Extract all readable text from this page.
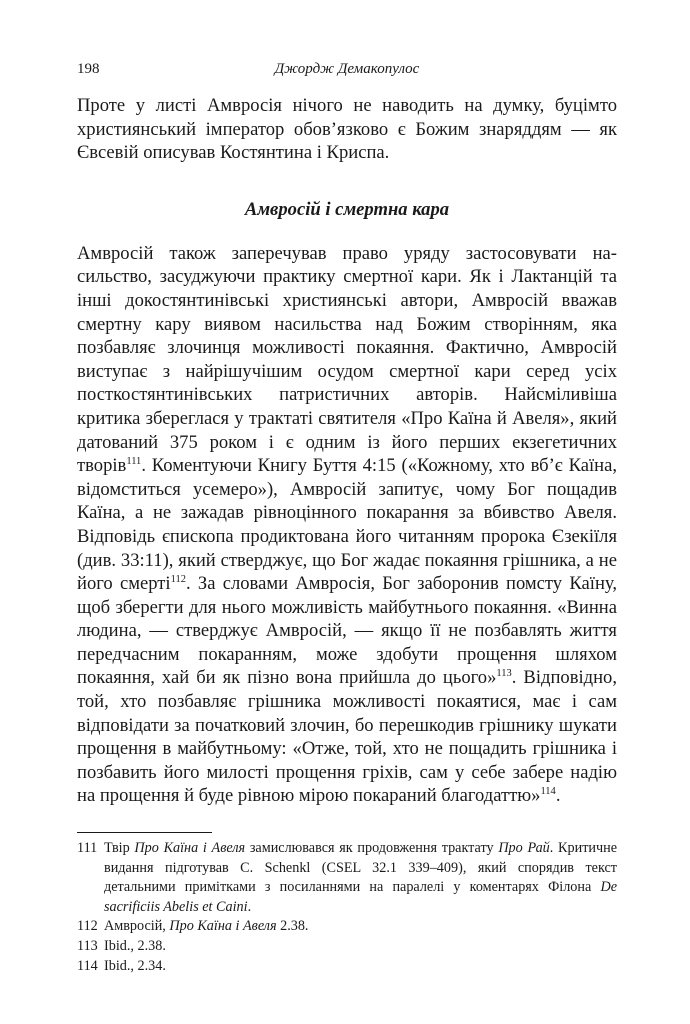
198	Джордж Демакопулос

Проте у листі Амвросія нічого не наводить на думку, буцімто християнський імператор обов’язково є Божим знаряддям — як Євсевій описував Костянтина і Криспа.

Амвросій і смертна кара

Амвросій також заперечував право уряду застосовувати насильство, засуджуючи практику смертної кари. Як і Лактанцій та інші докостянтинівські християнські автори, Амвросій вважав смертну кару виявом насильства над Божим створінням, яка позбавляє злочинця можливості покаяння. Фактично, Амвросій виступає з найрішучішим осудом смертної кари серед усіх посткостянтинівських патристичних авторів. Найсміливіша критика збереглася у трактаті святителя «Про Каїна й Авеля», який датований 375 роком і є одним із його перших екзегетичних творів$^{111}$. Коментуючи Книгу Буття 4:15 («Кожному, хто вб’є Каїна, відомститься усемеро»), Амвросій запитує, чому Бог пощадив Каїна, а не зажадав рівноцінного покарання за вбивство Авеля. Відповідь єпископа продиктована його читанням пророка Єзекіїля (див. 33:11), який стверджує, що Бог жадає покаяння грішника, а не його смерті$^{112}$. За словами Амвросія, Бог заборонив помсту Каїну, щоб зберегти для нього можливість майбутнього покаяння. «Винна людина, — стверджує Амвросій, — якщо її не позбавлять життя передчасним покаранням, може здобути прощення шляхом покаяння, хай би як пізно вона прийшла до цього»$^{113}$. Відповідно, той, хто позбавляє грішника можливості покаятися, має і сам відповідати за початковий злочин, бо перешкодив грішнику шукати прощення в майбутньому: «Отже, той, хто не пощадить грішника і позбавить його милості прощення гріхів, сам у себе забере надію на прощення й буде рівною мірою покараний благодаттю»$^{114}$.

111 Твір Про Каїна і Авеля замислювався як продовження трактату Про Рай. Критичне видання підготував C. Schenkl (CSEL 32.1 339–409), який спорядив текст детальними примітками з посиланнями на паралелі у коментарях Філона De sacrificiis Abelis et Caini.
112 Амвросій, Про Каїна і Авеля 2.38.
113 Ibid., 2.38.
114 Ibid., 2.34.
